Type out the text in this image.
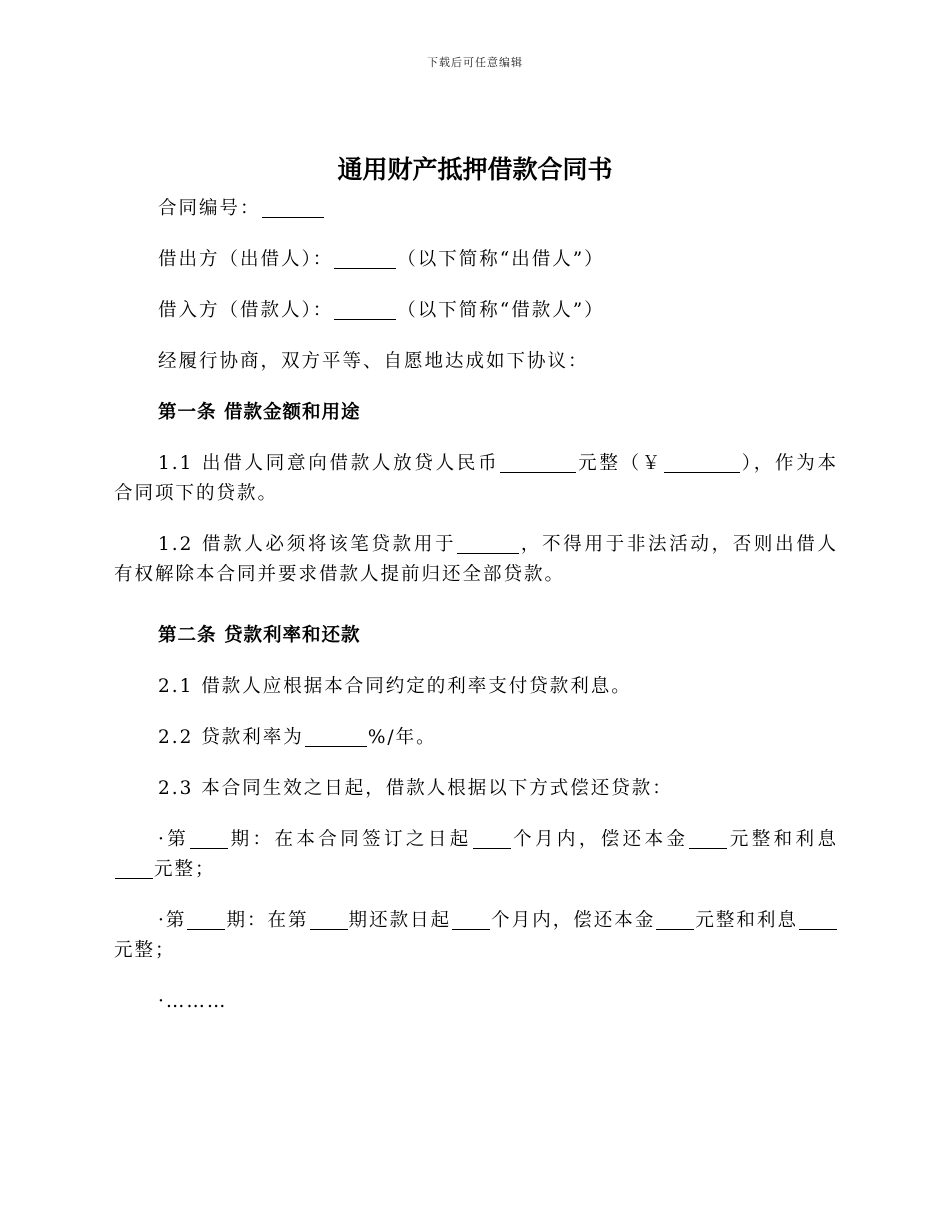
下载后可任意编辑
通用财产抵押借款合同书

合同编号：

借出方（出借人）：	（以下简称“出借人”）

借入方（借款人）：	（以下简称“借款人”）

经履行协商，双方平等、自愿地达成如下协议：

第一条 借款金额和用途

1.1 出借人同意向借款人放贷人民币	元整（￥	），作为本合同项下的贷款。

1.2 借款人必须将该笔贷款用于	，不得用于非法活动，否则出借人有权解除本合同并要求借款人提前归还全部贷款。

第二条 贷款利率和还款

2.1 借款人应根据本合同约定的利率支付贷款利息。

2.2 贷款利率为	%/年。

2.3 本合同生效之日起，借款人根据以下方式偿还贷款：

·第 期：在本合同签订之日起 个月内，偿还本金 元整和利息元整；

·第 期：在第 期还款日起 个月内，偿还本金 元整和利息元整；

·………
